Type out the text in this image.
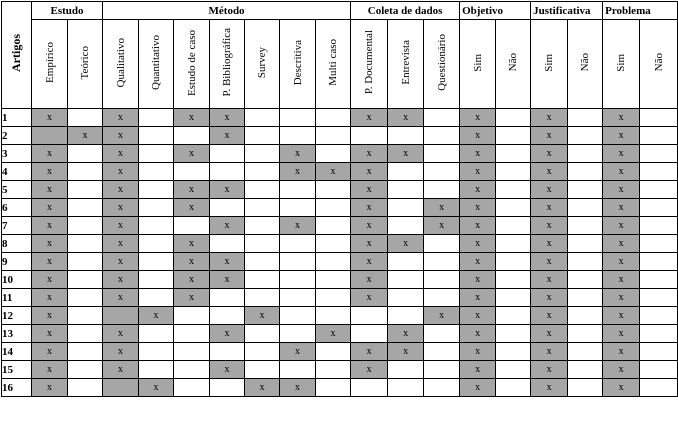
Artigos	Estudo		Método							Coleta de dados			Objetivo		Justificativa		Problema	
	Empírico	Teórico	Qualitativo	Quantitativo	Estudo de caso	P. Bibliográfica	Survey	Descritiva	Multi caso	P. Documental	Entrevista	Questionário	Sim	Não	Sim	Não	Sim	Não
1	x		x		x	x				x	x		x		x		x	
2		x	x			x							x		x		x	
3	x		x		x			x		x	x		x		x		x	
4	x		x					x	x	x			x		x		x	
5	x		x		x	x				x			x		x		x	
6	x		x		x					x		x	x		x		x	
7	x		x			x		x		x		x	x		x		x	
8	x		x		x					x	x		x		x		x	
9	x		x		x	x				x			x		x		x	
10	x		x		x	x				x			x		x		x	
11	x		x		x					x			x		x		x	
12	x			x			x					x	x		x		x	
13	x		x			x			x		x		x		x		x	
14	x		x					x		x	x		x		x		x	
15	x		x			x				x			x		x		x	
16	x			x			x	x					x		x		x	
